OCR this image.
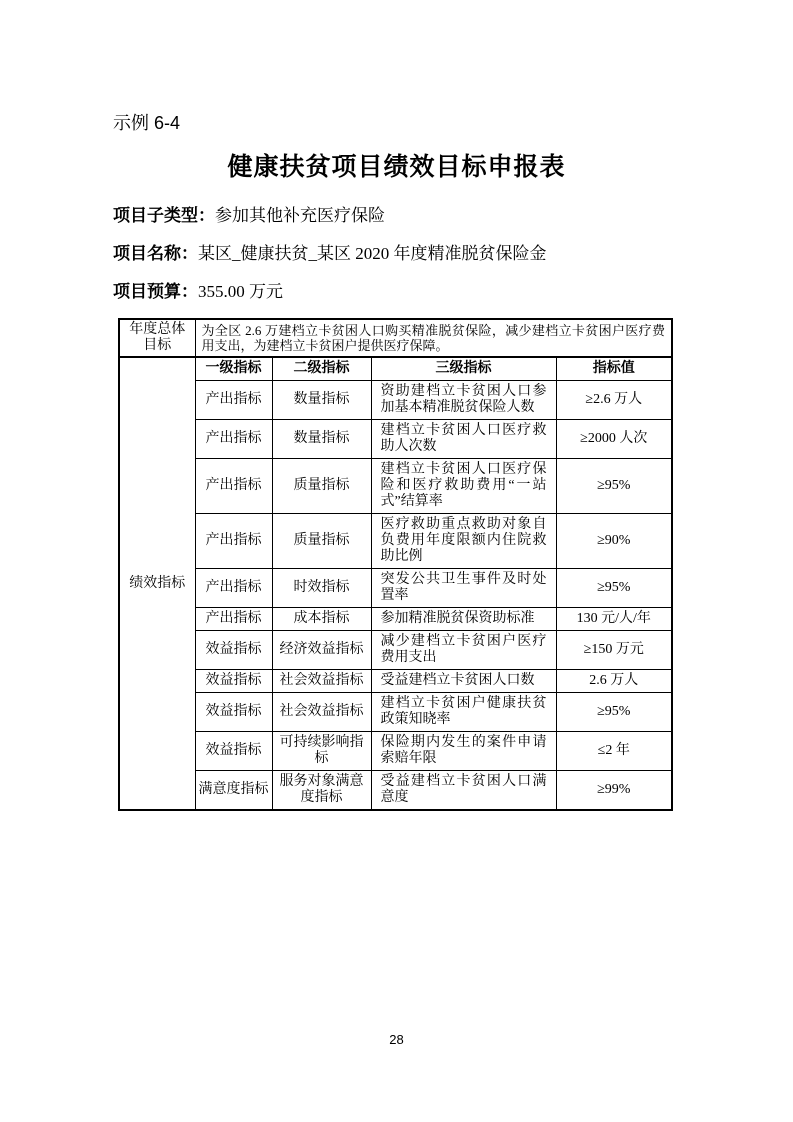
示例 6-4
健康扶贫项目绩效目标申报表
项目子类型：参加其他补充医疗保险
项目名称：某区_健康扶贫_某区 2020 年度精准脱贫保险金
项目预算：355.00 万元
年度总体目标	为全区 2.6 万建档立卡贫困人口购买精准脱贫保险，减少建档立卡贫困户医疗费用支出，为建档立卡贫困户提供医疗保障。			
绩效指标	一级指标	二级指标	三级指标	指标值
	产出指标	数量指标	资助建档立卡贫困人口参加基本精准脱贫保险人数	≥2.6 万人
	产出指标	数量指标	建档立卡贫困人口医疗救助人次数	≥2000 人次
	产出指标	质量指标	建档立卡贫困人口医疗保险和医疗救助费用“一站式”结算率	≥95%
	产出指标	质量指标	医疗救助重点救助对象自负费用年度限额内住院救助比例	≥90%
	产出指标	时效指标	突发公共卫生事件及时处置率	≥95%
	产出指标	成本指标	参加精准脱贫保资助标准	130 元/人/年
	效益指标	经济效益指标	减少建档立卡贫困户医疗费用支出	≥150 万元
	效益指标	社会效益指标	受益建档立卡贫困人口数	2.6 万人
	效益指标	社会效益指标	建档立卡贫困户健康扶贫政策知晓率	≥95%
	效益指标	可持续影响指标	保险期内发生的案件申请索赔年限	≤2 年
	满意度指标	服务对象满意度指标	受益建档立卡贫困人口满意度	≥99%
28
